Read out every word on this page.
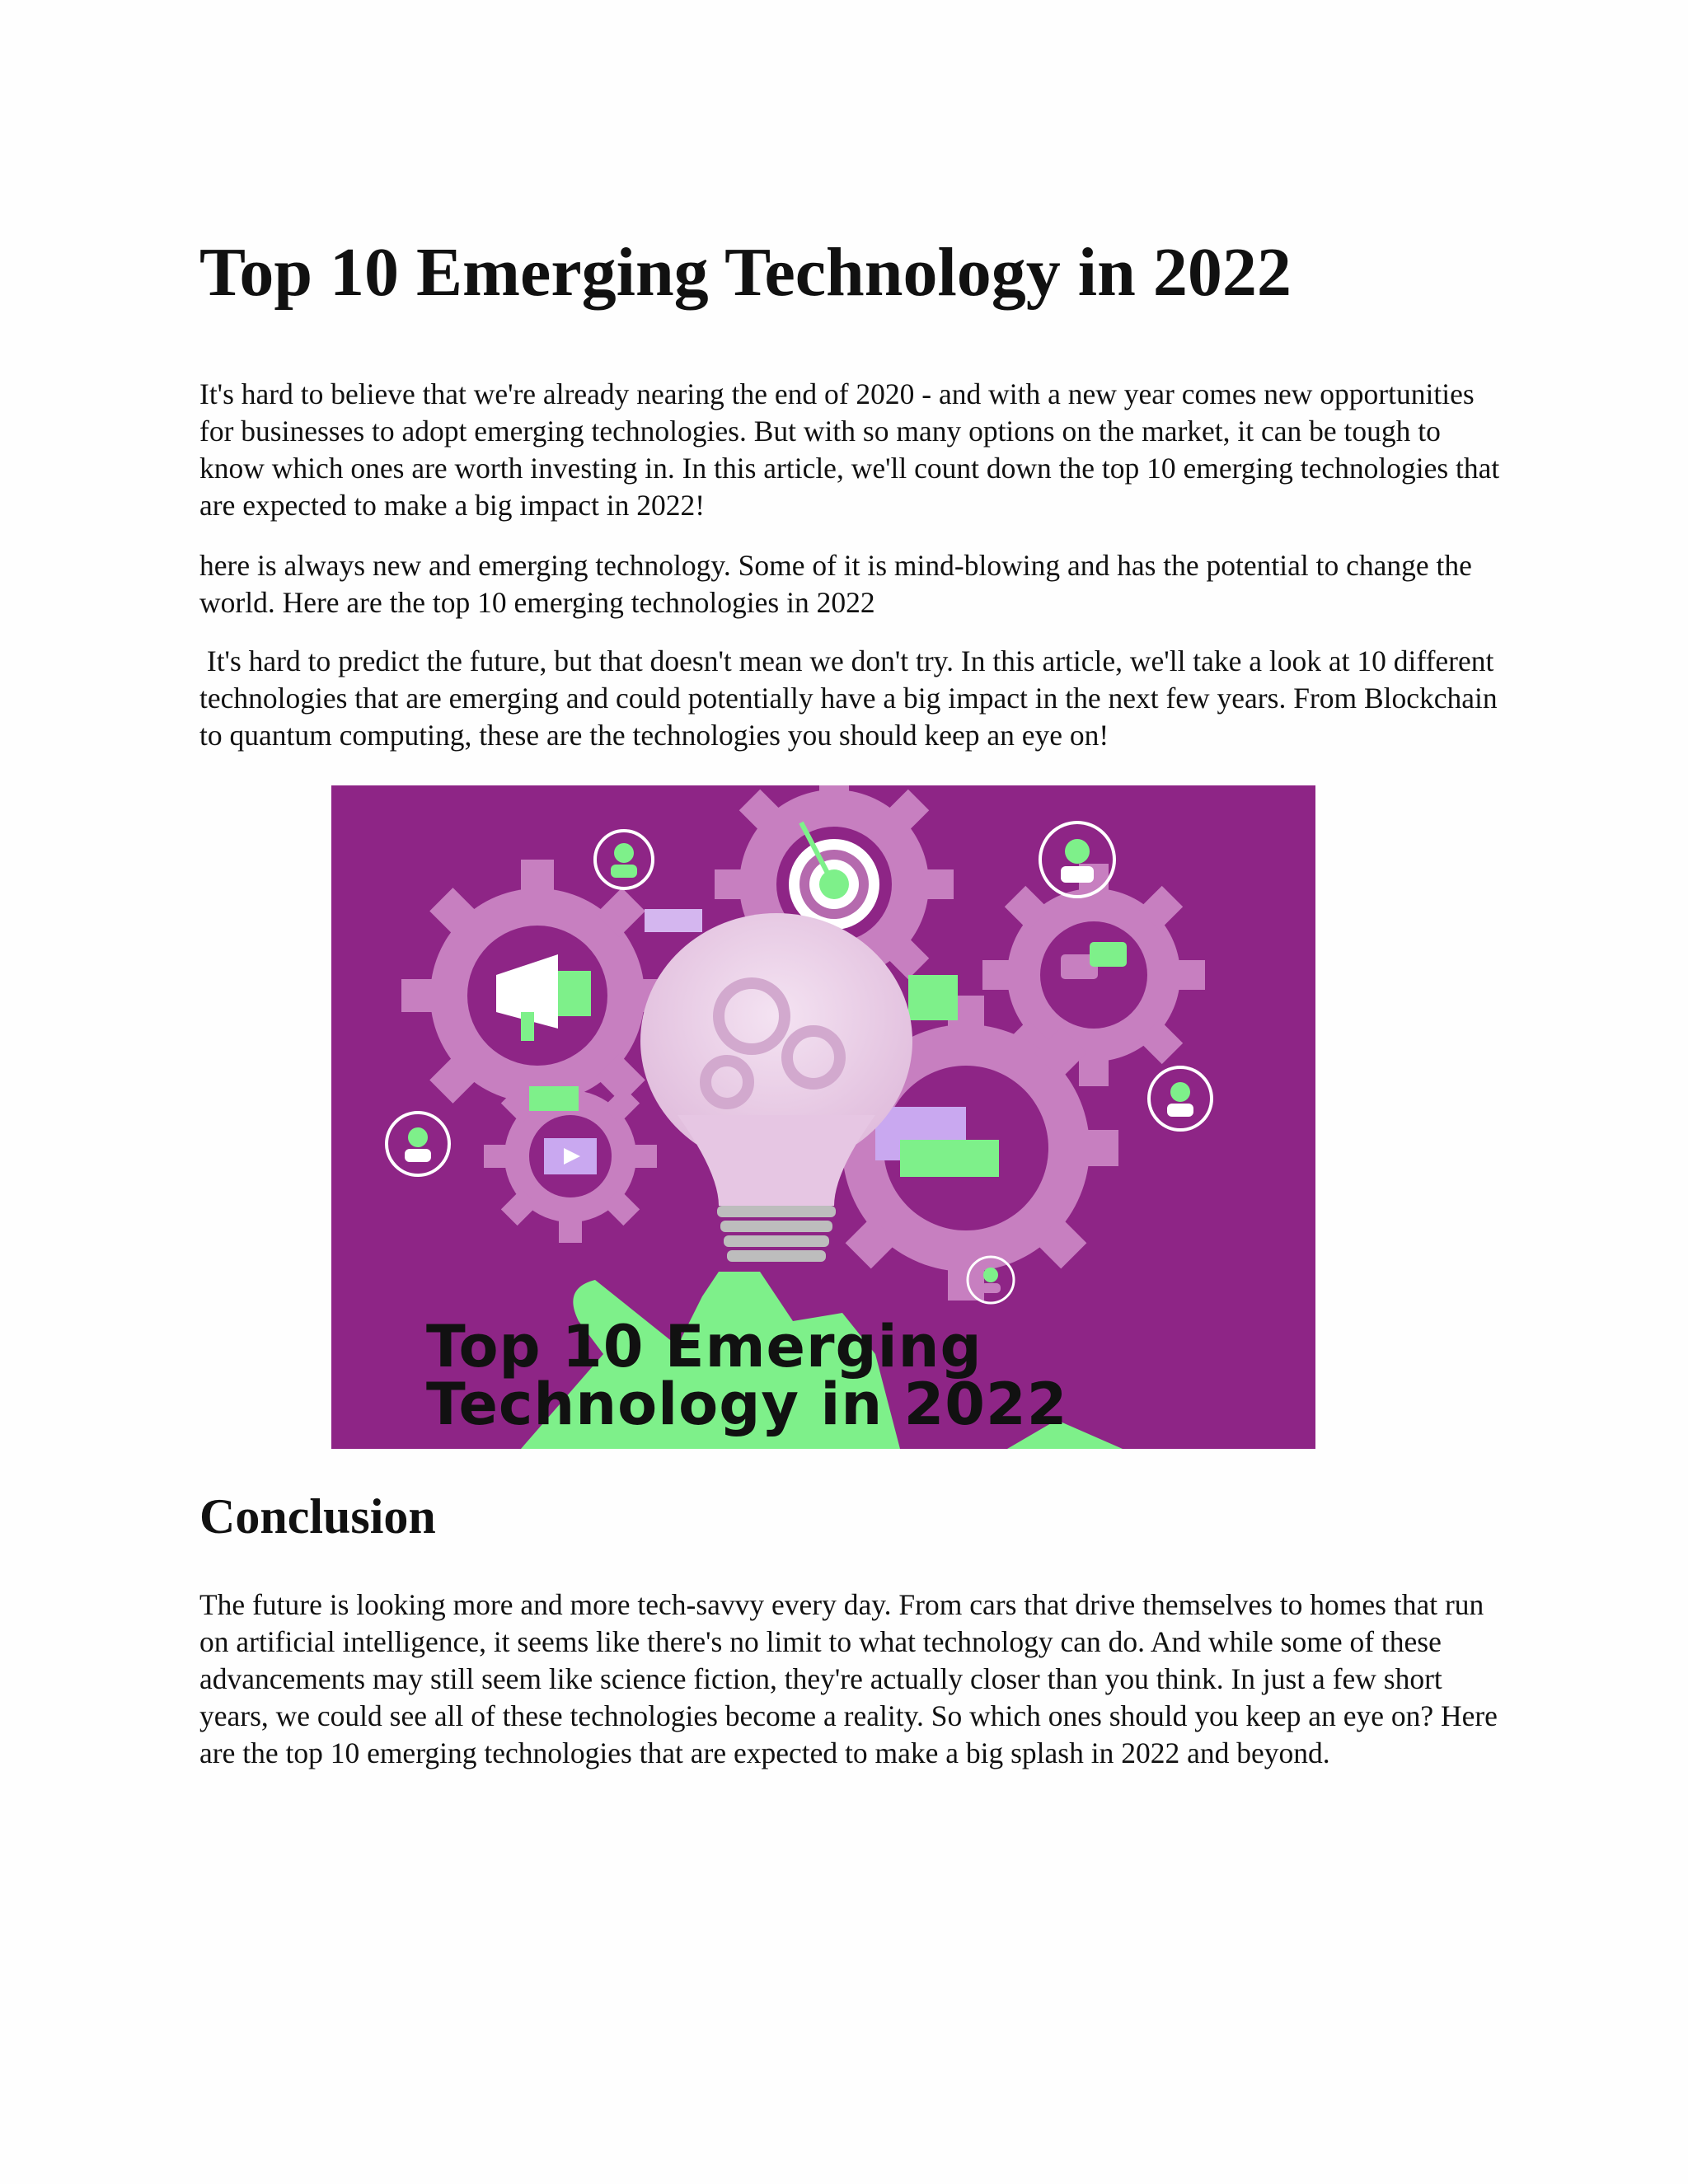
Top 10 Emerging Technology in 2022

It's hard to believe that we're already nearing the end of 2020 - and with a new year comes new opportunities for businesses to adopt emerging technologies. But with so many options on the market, it can be tough to know which ones are worth investing in. In this article, we'll count down the top 10 emerging technologies that are expected to make a big impact in 2022!

here is always new and emerging technology. Some of it is mind-blowing and has the potential to change the world. Here are the top 10 emerging technologies in 2022

It's hard to predict the future, but that doesn't mean we don't try. In this article, we'll take a look at 10 different technologies that are emerging and could potentially have a big impact in the next few years. From Blockchain to quantum computing, these are the technologies you should keep an eye on!

Conclusion

The future is looking more and more tech-savvy every day. From cars that drive themselves to homes that run on artificial intelligence, it seems like there's no limit to what technology can do. And while some of these advancements may still seem like science fiction, they're actually closer than you think. In just a few short years, we could see all of these technologies become a reality. So which ones should you keep an eye on? Here are the top 10 emerging technologies that are expected to make a big splash in 2022 and beyond.

Top 10 Emerging
Technology in 2022
